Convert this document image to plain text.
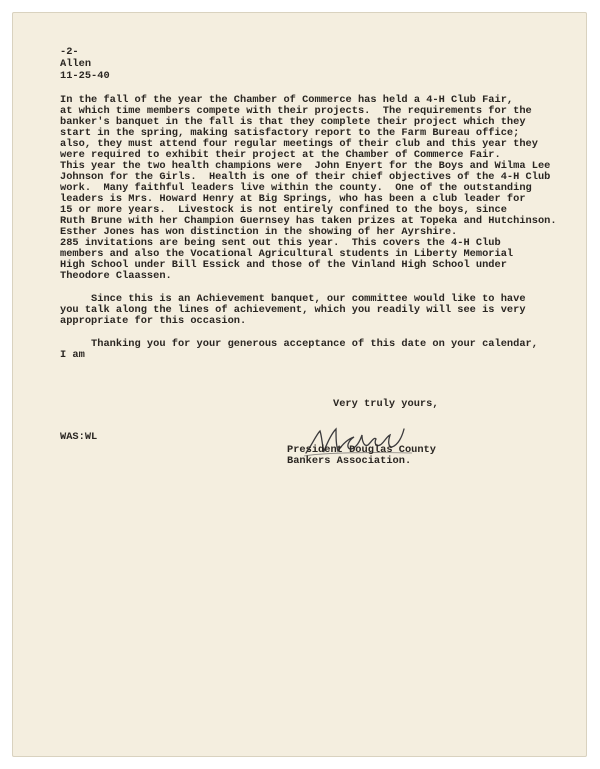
-2-
Allen
11-25-40
In the fall of the year the Chamber of Commerce has held a 4-H Club Fair,
at which time members compete with their projects.  The requirements for the
banker's banquet in the fall is that they complete their project which they
start in the spring, making satisfactory report to the Farm Bureau office;
also, they must attend four regular meetings of their club and this year they
were required to exhibit their project at the Chamber of Commerce Fair.
This year the two health champions were  John Enyert for the Boys and Wilma Lee
Johnson for the Girls.  Health is one of their chief objectives of the 4-H Club
work.  Many faithful leaders live within the county.  One of the outstanding
leaders is Mrs. Howard Henry at Big Springs, who has been a club leader for
15 or more years.  Livestock is not entirely confined to the boys, since
Ruth Brune with her Champion Guernsey has taken prizes at Topeka and Hutchinson.
Esther Jones has won distinction in the showing of her Ayrshire.
285 invitations are being sent out this year.  This covers the 4-H Club
members and also the Vocational Agricultural students in Liberty Memorial
High School under Bill Essick and those of the Vinland High School under
Theodore Claassen.
Since this is an Achievement banquet, our committee would like to have
you talk along the lines of achievement, which you readily will see is very
appropriate for this occasion.
Thanking you for your generous acceptance of this date on your calendar,
I am
Very truly yours,
President Douglas County
Bankers Association.
WAS:WL
